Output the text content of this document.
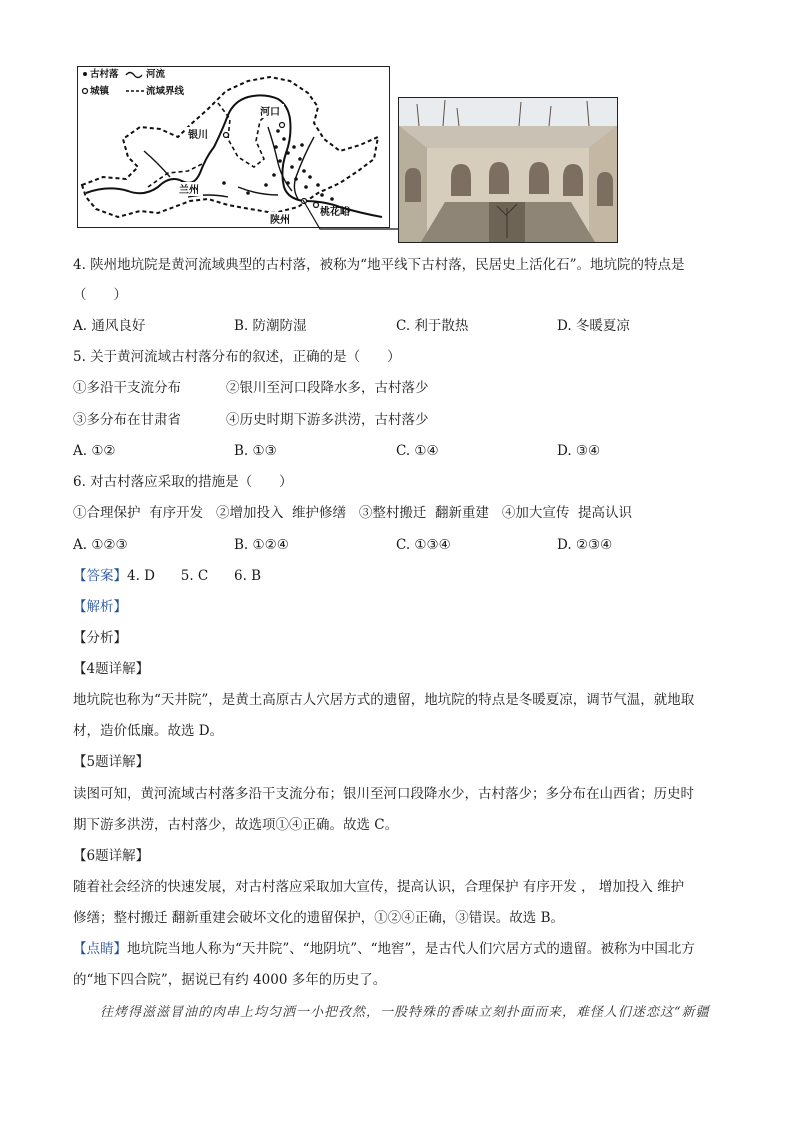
古村落	河流
城镇	流域界线
河口
银川
兰州
陕州
桃花峪
4. 陕州地坑院是黄河流域典型的古村落，被称为“地平线下古村落，民居史上活化石”。地坑院的特点是
（　　）
A. 通风良好	B. 防潮防湿	C. 利于散热	D. 冬暖夏凉
5. 关于黄河流域古村落分布的叙述，正确的是（　　）
①多沿干支流分布	②银川至河口段降水多，古村落少
③多分布在甘肃省	④历史时期下游多洪涝，古村落少
A. ①②	B. ①③	C. ①④	D. ③④
6. 对古村落应采取的措施是（　　）
①合理保护  有序开发   ②增加投入  维护修缮   ③整村搬迁  翻新重建   ④加大宣传  提高认识
A. ①②③	B. ①②④	C. ①③④	D. ②③④
【答案】4. D      5. C      6. B
【解析】
【分析】
【4题详解】
地坑院也称为“天井院”，是黄土高原古人穴居方式的遗留，地坑院的特点是冬暖夏凉，调节气温，就地取
材，造价低廉。故选 D。
【5题详解】
读图可知，黄河流域古村落多沿干支流分布；银川至河口段降水少，古村落少；多分布在山西省；历史时
期下游多洪涝，古村落少，故选项①④正确。故选 C。
【6题详解】
随着社会经济的快速发展，对古村落应采取加大宣传，提高认识，合理保护 有序开发 ， 增加投入 维护
修缮；整村搬迁 翻新重建会破坏文化的遗留保护，①②④正确，③错误。故选 B。
【点睛】地坑院当地人称为“天井院”、“地阴坑”、“地窖”，是古代人们穴居方式的遗留。被称为中国北方
的“地下四合院”，据说已有约 4000 多年的历史了。
往烤得滋滋冒油的肉串上均匀洒一小把孜然，一股特殊的香味立刻扑面而来，难怪人们迷恋这“新疆
